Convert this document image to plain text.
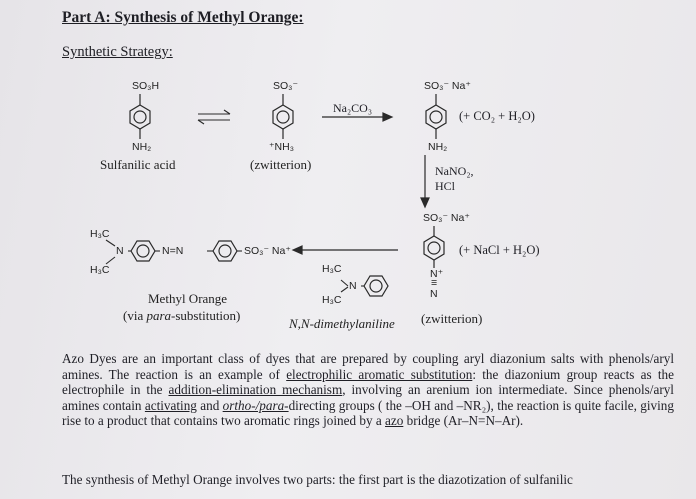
Part A: Synthesis of Methyl Orange:
Synthetic Strategy:
SO₃H
NH₂
Sulfanilic acid
SO₃⁻
⁺NH₃
(zwitterion)
Na₂CO₃
SO₃⁻ Na⁺
NH₂
(+ CO₂ + H₂O)
NaNO₂,
HCl
SO₃⁻ Na⁺
N⁺
≡
N
(+ NaCl + H₂O)
(zwitterion)
H₃C
N
H₃C
N,N-dimethylaniline
H₃C
N
H₃C
N=N	SO₃⁻ Na⁺
Methyl Orange
(via para-substitution)
Azo Dyes are an important class of dyes that are prepared by coupling aryl diazonium salts with phenols/aryl amines. The reaction is an example of electrophilic aromatic substitution: the diazonium group reacts as the electrophile in the addition-elimination mechanism, involving an arenium ion intermediate. Since phenols/aryl amines contain activating and ortho-/para-directing groups ( the –OH and –NR₂), the reaction is quite facile, giving rise to a product that contains two aromatic rings joined by a azo bridge (Ar–N=N–Ar).
The synthesis of Methyl Orange involves two parts: the first part is the diazotization of sulfanilic
